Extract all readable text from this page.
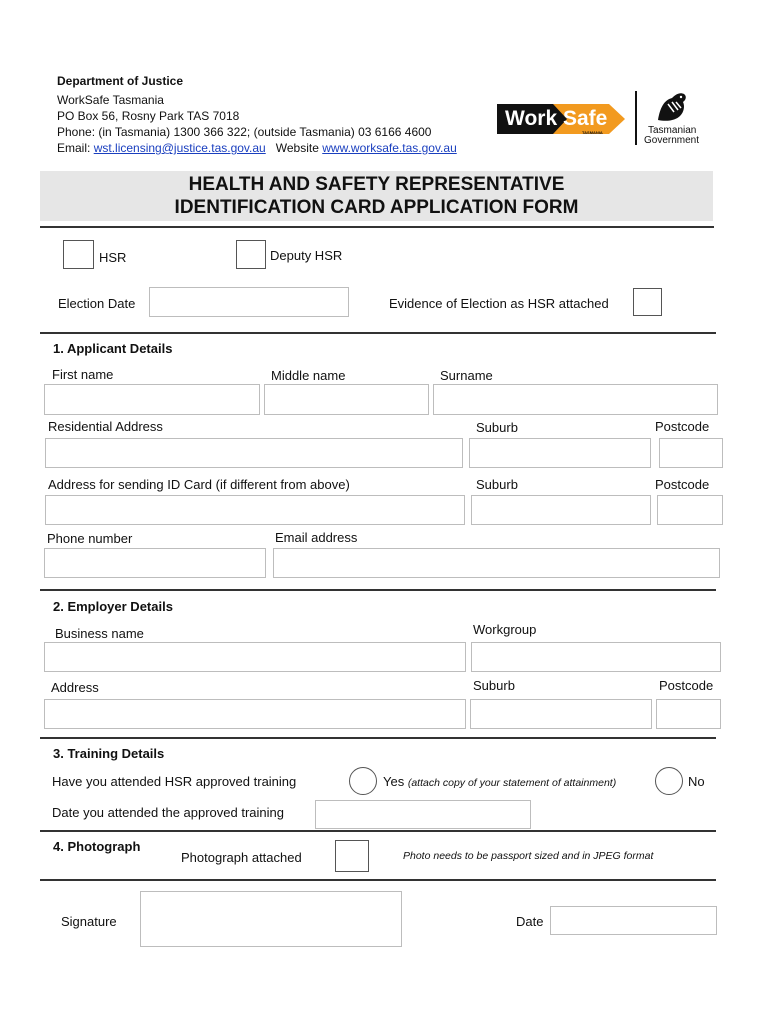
Department of Justice
WorkSafe Tasmania
PO Box 56, Rosny Park TAS 7018
Phone: (in Tasmania) 1300 366 322; (outside Tasmania) 03 6166 4600
Email: wst.licensing@justice.tas.gov.au Website www.worksafe.tas.gov.au
Work Safe
TASMANIA	Tasmanian
Government
HEALTH AND SAFETY REPRESENTATIVE
IDENTIFICATION CARD APPLICATION FORM
HSR	Deputy HSR
Election Date	Evidence of Election as HSR attached
1. Applicant Details
First name	Middle name	Surname
Residential Address	Suburb	Postcode
Address for sending ID Card (if different from above)	Suburb	Postcode
Phone number	Email address
2. Employer Details
Business name	Workgroup
Address	Suburb	Postcode
3. Training Details
Have you attended HSR approved training	Yes (attach copy of your statement of attainment)	No
Date you attended the approved training
4. Photograph
Photograph attached	Photo needs to be passport sized and in JPEG format
Signature	Date
